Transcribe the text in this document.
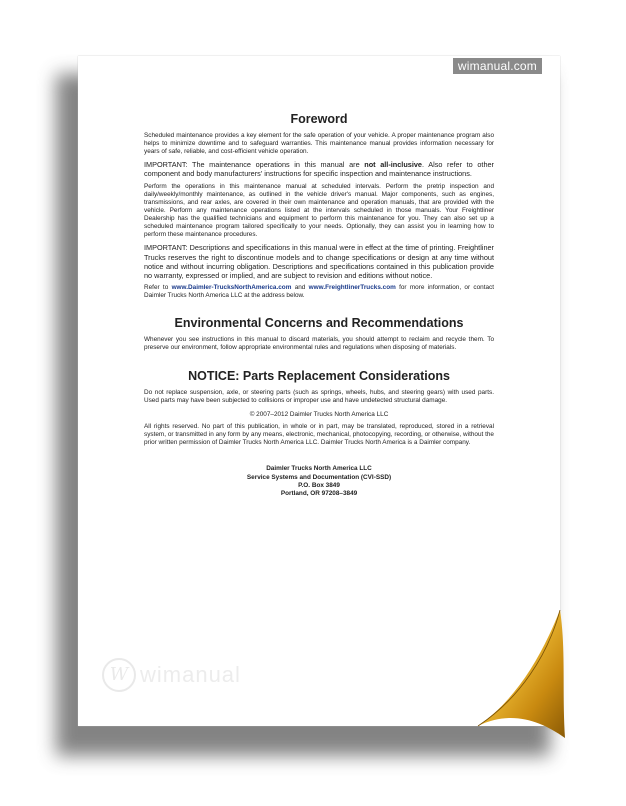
wimanual.com
Foreword

Scheduled maintenance provides a key element for the safe operation of your vehicle. A proper maintenance program also helps to minimize downtime and to safeguard warranties. This maintenance manual provides information necessary for years of safe, reliable, and cost-efficient vehicle operation.

IMPORTANT: The maintenance operations in this manual are not all-inclusive. Also refer to other component and body manufacturers' instructions for specific inspection and maintenance instructions.

Perform the operations in this maintenance manual at scheduled intervals. Perform the pretrip inspection and daily/weekly/monthly maintenance, as outlined in the vehicle driver's manual. Major components, such as engines, transmissions, and rear axles, are covered in their own maintenance and operation manuals, that are provided with the vehicle. Perform any maintenance operations listed at the intervals scheduled in those manuals. Your Freightliner Dealership has the qualified technicians and equipment to perform this maintenance for you. They can also set up a scheduled maintenance program tailored specifically to your needs. Optionally, they can assist you in learning how to perform these maintenance procedures.

IMPORTANT: Descriptions and specifications in this manual were in effect at the time of printing. Freightliner Trucks reserves the right to discontinue models and to change specifications or design at any time without notice and without incurring obligation. Descriptions and specifications contained in this publication provide no warranty, expressed or implied, and are subject to revision and editions without notice.

Refer to www.Daimler-TrucksNorthAmerica.com and www.FreightlinerTrucks.com for more information, or contact Daimler Trucks North America LLC at the address below.

Environmental Concerns and Recommendations

Whenever you see instructions in this manual to discard materials, you should attempt to reclaim and recycle them. To preserve our environment, follow appropriate environmental rules and regulations when disposing of materials.

NOTICE: Parts Replacement Considerations

Do not replace suspension, axle, or steering parts (such as springs, wheels, hubs, and steering gears) with used parts. Used parts may have been subjected to collisions or improper use and have undetected structural damage.

© 2007–2012 Daimler Trucks North America LLC

All rights reserved. No part of this publication, in whole or in part, may be translated, reproduced, stored in a retrieval system, or transmitted in any form by any means, electronic, mechanical, photocopying, recording, or otherwise, without the prior written permission of Daimler Trucks North America LLC. Daimler Trucks North America is a Daimler company.

Daimler Trucks North America LLC
Service Systems and Documentation (CVI-SSD)
P.O. Box 3849
Portland, OR 97208–3849
W wimanual
